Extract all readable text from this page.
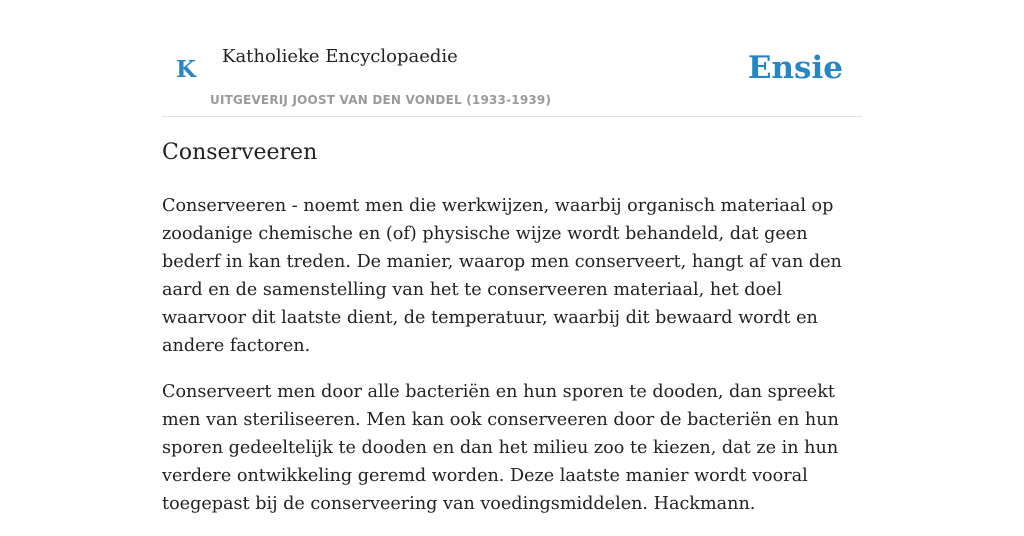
K Katholieke Encyclopaedie
UITGEVERIJ JOOST VAN DEN VONDEL (1933-1939)
Ensie
Conserveeren

Conserveeren - noemt men die werkwijzen, waarbij organisch materiaal op zoodanige chemische en (of) physische wijze wordt behandeld, dat geen bederf in kan treden. De manier, waarop men conserveert, hangt af van den aard en de samenstelling van het te conserveeren materiaal, het doel waarvoor dit laatste dient, de temperatuur, waarbij dit bewaard wordt en andere factoren.

Conserveert men door alle bacteriën en hun sporen te dooden, dan spreekt men van steriliseeren. Men kan ook conserveeren door de bacteriën en hun sporen gedeeltelijk te dooden en dan het milieu zoo te kiezen, dat ze in hun verdere ontwikkeling geremd worden. Deze laatste manier wordt vooral toegepast bij de conserveering van voedingsmiddelen. Hackmann.
